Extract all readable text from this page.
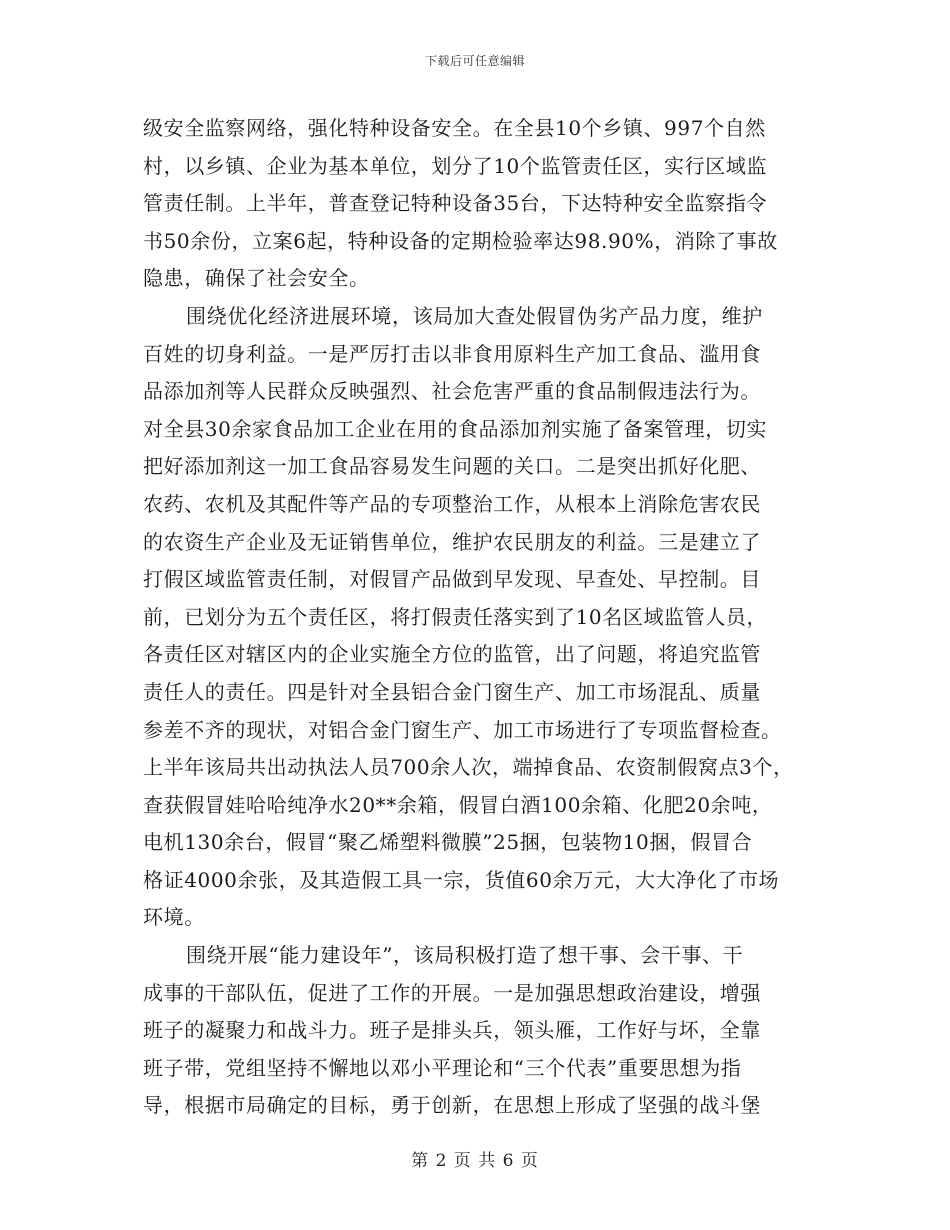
下载后可任意编辑
级安全监察网络，强化特种设备安全。在全县10个乡镇、997个自然
村，以乡镇、企业为基本单位，划分了10个监管责任区，实行区域监
管责任制。上半年，普查登记特种设备35台，下达特种安全监察指令
书50余份，立案6起，特种设备的定期检验率达98.90%，消除了事故
隐患，确保了社会安全。
围绕优化经济进展环境，该局加大查处假冒伪劣产品力度，维护
百姓的切身利益。一是严厉打击以非食用原料生产加工食品、滥用食
品添加剂等人民群众反映强烈、社会危害严重的食品制假违法行为。
对全县30余家食品加工企业在用的食品添加剂实施了备案管理，切实
把好添加剂这一加工食品容易发生问题的关口。二是突出抓好化肥、
农药、农机及其配件等产品的专项整治工作，从根本上消除危害农民
的农资生产企业及无证销售单位，维护农民朋友的利益。三是建立了
打假区域监管责任制，对假冒产品做到早发现、早查处、早控制。目
前，已划分为五个责任区，将打假责任落实到了10名区域监管人员，
各责任区对辖区内的企业实施全方位的监管，出了问题，将追究监管
责任人的责任。四是针对全县铝合金门窗生产、加工市场混乱、质量
参差不齐的现状，对铝合金门窗生产、加工市场进行了专项监督检查。
上半年该局共出动执法人员700余人次，端掉食品、农资制假窝点3个，
查获假冒娃哈哈纯净水20**余箱，假冒白酒100余箱、化肥20余吨，
电机130余台，假冒“聚乙烯塑料微膜”25捆，包装物10捆，假冒合
格证4000余张，及其造假工具一宗，货值60余万元，大大净化了市场
环境。
围绕开展“能力建设年”，该局积极打造了想干事、会干事、干
成事的干部队伍，促进了工作的开展。一是加强思想政治建设，增强
班子的凝聚力和战斗力。班子是排头兵，领头雁，工作好与坏，全靠
班子带，党组坚持不懈地以邓小平理论和“三个代表”重要思想为指
导，根据市局确定的目标，勇于创新，在思想上形成了坚强的战斗堡
第 2 页 共 6 页
